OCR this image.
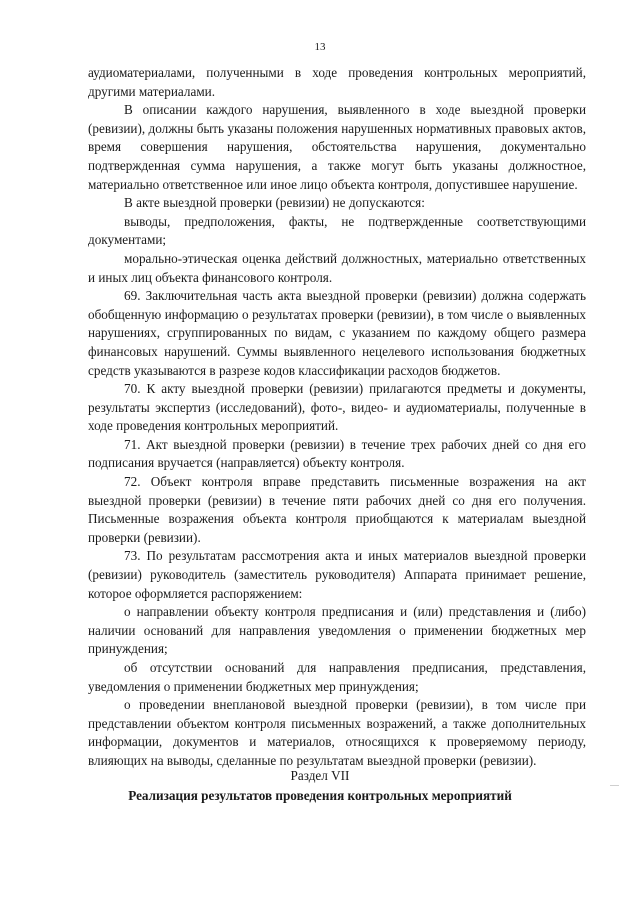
13

аудиоматериалами, полученными в ходе проведения контрольных мероприятий, другими материалами.

В описании каждого нарушения, выявленного в ходе выездной проверки (ревизии), должны быть указаны положения нарушенных нормативных правовых актов, время совершения нарушения, обстоятельства нарушения, документально подтвержденная сумма нарушения, а также могут быть указаны должностное, материально ответственное или иное лицо объекта контроля, допустившее нарушение.

В акте выездной проверки (ревизии) не допускаются:

выводы, предположения, факты, не подтвержденные соответствующими документами;

морально-этическая оценка действий должностных, материально ответственных и иных лиц объекта финансового контроля.

69. Заключительная часть акта выездной проверки (ревизии) должна содержать обобщенную информацию о результатах проверки (ревизии), в том числе о выявленных нарушениях, сгруппированных по видам, с указанием по каждому общего размера финансовых нарушений. Суммы выявленного нецелевого использования бюджетных средств указываются в разрезе кодов классификации расходов бюджетов.

70. К акту выездной проверки (ревизии) прилагаются предметы и документы, результаты экспертиз (исследований), фото-, видео- и аудиоматериалы, полученные в ходе проведения контрольных мероприятий.

71. Акт выездной проверки (ревизии) в течение трех рабочих дней со дня его подписания вручается (направляется) объекту контроля.

72. Объект контроля вправе представить письменные возражения на акт выездной проверки (ревизии) в течение пяти рабочих дней со дня его получения. Письменные возражения объекта контроля приобщаются к материалам выездной проверки (ревизии).

73. По результатам рассмотрения акта и иных материалов выездной проверки (ревизии) руководитель (заместитель руководителя) Аппарата принимает решение, которое оформляется распоряжением:

о направлении объекту контроля предписания и (или) представления и (либо) наличии оснований для направления уведомления о применении бюджетных мер принуждения;

об отсутствии оснований для направления предписания, представления, уведомления о применении бюджетных мер принуждения;

о проведении внеплановой выездной проверки (ревизии), в том числе при представлении объектом контроля письменных возражений, а также дополнительных информации, документов и материалов, относящихся к проверяемому периоду, влияющих на выводы, сделанные по результатам выездной проверки (ревизии).

Раздел VII
Реализация результатов проведения контрольных мероприятий
